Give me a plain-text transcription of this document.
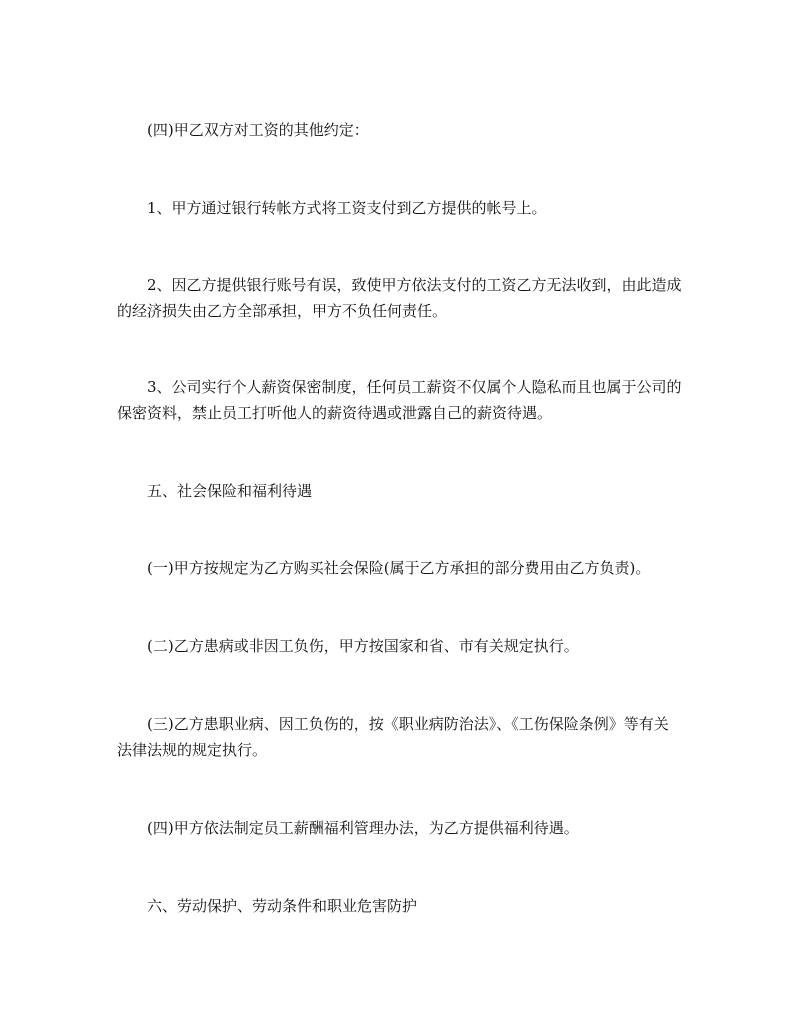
(四)甲乙双方对工资的其他约定：

1、甲方通过银行转帐方式将工资支付到乙方提供的帐号上。

2、因乙方提供银行账号有误，致使甲方依法支付的工资乙方无法收到，由此造成的经济损失由乙方全部承担，甲方不负任何责任。

3、公司实行个人薪资保密制度，任何员工薪资不仅属个人隐私而且也属于公司的保密资料，禁止员工打听他人的薪资待遇或泄露自己的薪资待遇。

五、社会保险和福利待遇

(一)甲方按规定为乙方购买社会保险(属于乙方承担的部分费用由乙方负责)。

(二)乙方患病或非因工负伤，甲方按国家和省、市有关规定执行。

(三)乙方患职业病、因工负伤的，按《职业病防治法》、《工伤保险条例》等有关法律法规的规定执行。

(四)甲方依法制定员工薪酬福利管理办法，为乙方提供福利待遇。

六、劳动保护、劳动条件和职业危害防护
